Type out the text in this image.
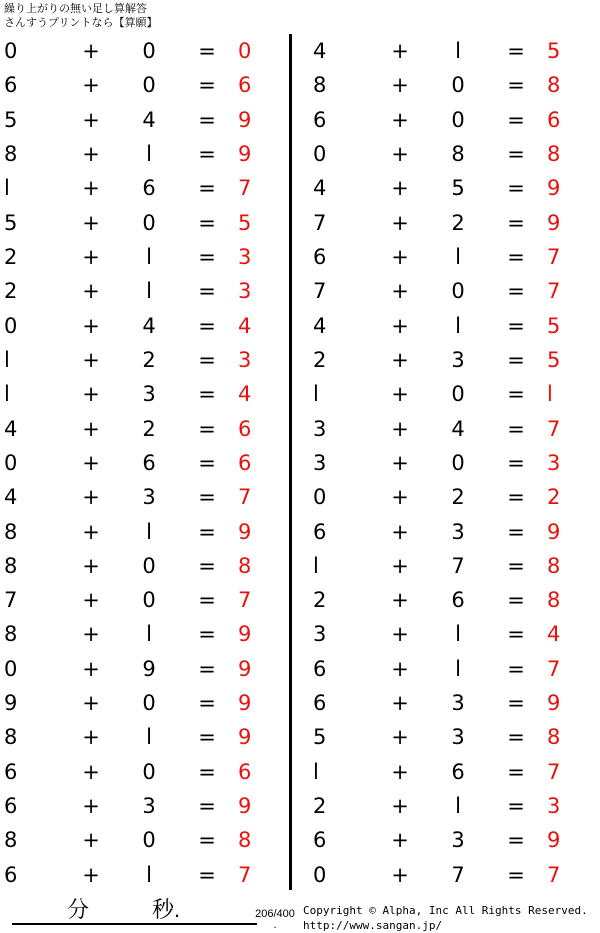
繰り上がりの無い足し算解答
さんすうプリントなら【算願】
0	+	0	=	0
6	+	0	=	6
5	+	4	=	9
8	+	l	=	9
l	+	6	=	7
5	+	0	=	5
2	+	l	=	3
2	+	l	=	3
0	+	4	=	4
l	+	2	=	3
l	+	3	=	4
4	+	2	=	6
0	+	6	=	6
4	+	3	=	7
8	+	l	=	9
8	+	0	=	8
7	+	0	=	7
8	+	l	=	9
0	+	9	=	9
9	+	0	=	9
8	+	l	=	9
6	+	0	=	6
6	+	3	=	9
8	+	0	=	8
6	+	l	=	7
4	+	l	=	5
8	+	0	=	8
6	+	0	=	6
0	+	8	=	8
4	+	5	=	9
7	+	2	=	9
6	+	l	=	7
7	+	0	=	7
4	+	l	=	5
2	+	3	=	5
l	+	0	=	l
3	+	4	=	7
3	+	0	=	3
0	+	2	=	2
6	+	3	=	9
l	+	7	=	8
2	+	6	=	8
3	+	l	=	4
6	+	l	=	7
6	+	3	=	9
5	+	3	=	8
l	+	6	=	7
2	+	l	=	3
6	+	3	=	9
0	+	7	=	7
分	秒.	206/400 .
Copyright © Alpha, Inc All Rights Reserved.
http://www.sangan.jp/
